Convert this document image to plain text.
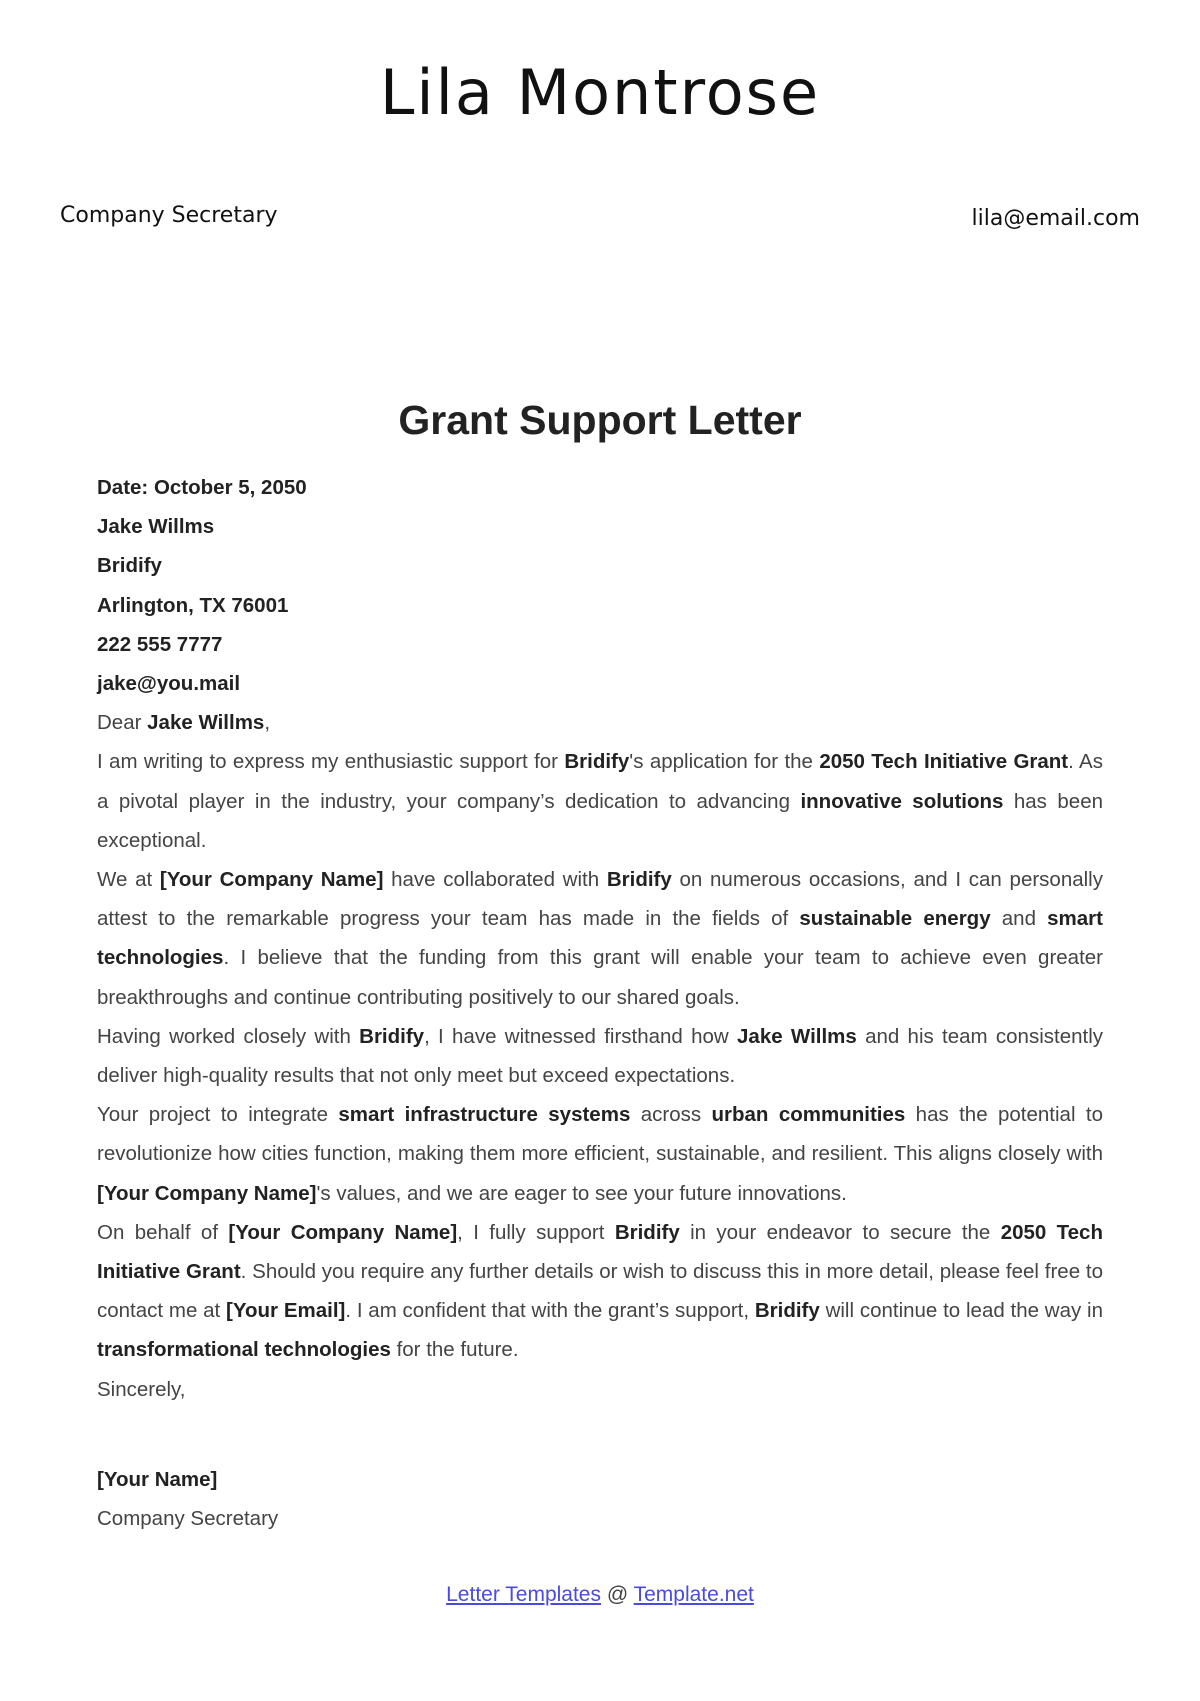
Lila Montrose
Company Secretary	lila@email.com
Grant Support Letter
Date: October 5, 2050
Jake Willms
Bridify
Arlington, TX 76001
222 555 7777
jake@you.mail
Dear Jake Willms,
I am writing to express my enthusiastic support for Bridify's application for the 2050 Tech Initiative Grant. As a pivotal player in the industry, your company’s dedication to advancing innovative solutions has been exceptional.
We at [Your Company Name] have collaborated with Bridify on numerous occasions, and I can personally attest to the remarkable progress your team has made in the fields of sustainable energy and smart technologies. I believe that the funding from this grant will enable your team to achieve even greater breakthroughs and continue contributing positively to our shared goals.
Having worked closely with Bridify, I have witnessed firsthand how Jake Willms and his team consistently deliver high-quality results that not only meet but exceed expectations.
Your project to integrate smart infrastructure systems across urban communities has the potential to revolutionize how cities function, making them more efficient, sustainable, and resilient. This aligns closely with [Your Company Name]'s values, and we are eager to see your future innovations.
On behalf of [Your Company Name], I fully support Bridify in your endeavor to secure the 2050 Tech Initiative Grant. Should you require any further details or wish to discuss this in more detail, please feel free to contact me at [Your Email]. I am confident that with the grant’s support, Bridify will continue to lead the way in transformational technologies for the future.
Sincerely,
[Your Name]
Company Secretary
Letter Templates @ Template.net
